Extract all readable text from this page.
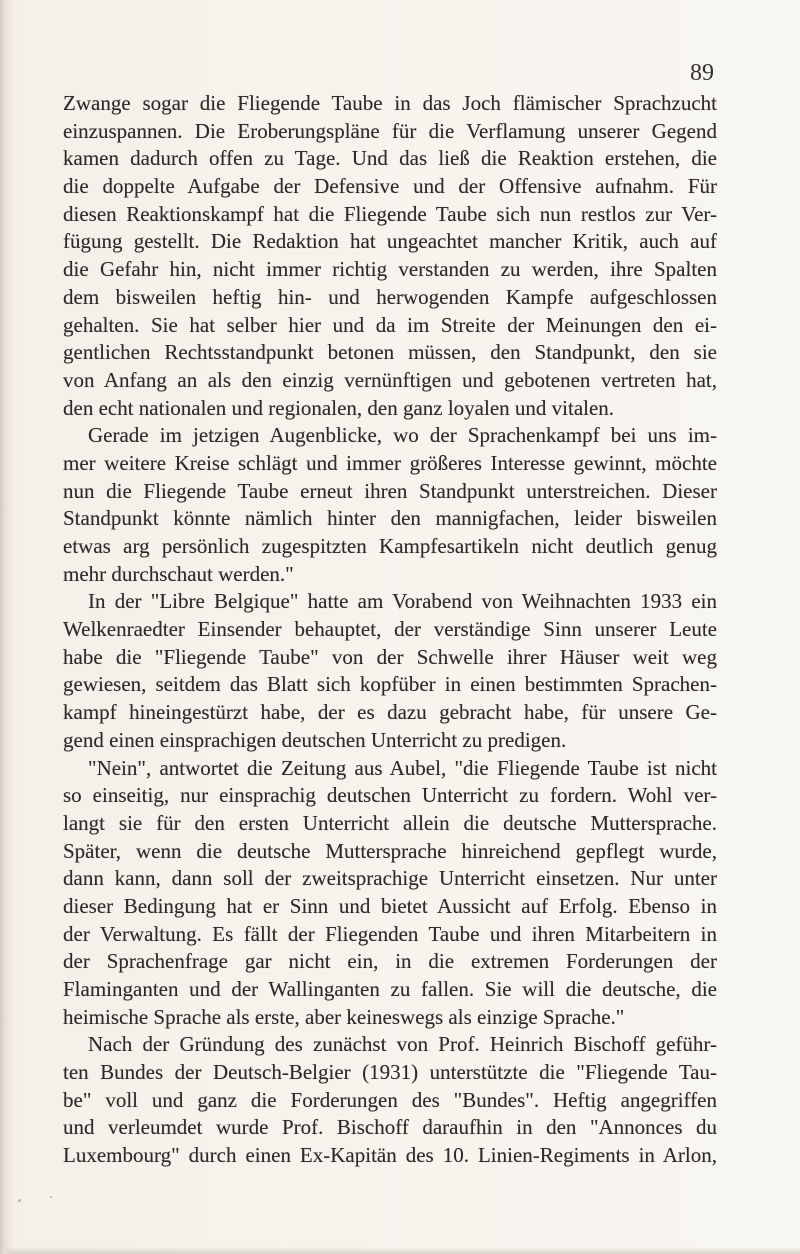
89
Zwange sogar die Fliegende Taube in das Joch flämischer Sprachzucht
einzuspannen. Die Eroberungspläne für die Verflamung unserer Gegend
kamen dadurch offen zu Tage. Und das ließ die Reaktion erstehen, die
die doppelte Aufgabe der Defensive und der Offensive aufnahm. Für
diesen Reaktionskampf hat die Fliegende Taube sich nun restlos zur Ver-
fügung gestellt. Die Redaktion hat ungeachtet mancher Kritik, auch auf
die Gefahr hin, nicht immer richtig verstanden zu werden, ihre Spalten
dem bisweilen heftig hin- und herwogenden Kampfe aufgeschlossen
gehalten. Sie hat selber hier und da im Streite der Meinungen den ei-
gentlichen Rechtsstandpunkt betonen müssen, den Standpunkt, den sie
von Anfang an als den einzig vernünftigen und gebotenen vertreten hat,
den echt nationalen und regionalen, den ganz loyalen und vitalen.
Gerade im jetzigen Augenblicke, wo der Sprachenkampf bei uns im-
mer weitere Kreise schlägt und immer größeres Interesse gewinnt, möchte
nun die Fliegende Taube erneut ihren Standpunkt unterstreichen. Dieser
Standpunkt könnte nämlich hinter den mannigfachen, leider bisweilen
etwas arg persönlich zugespitzten Kampfesartikeln nicht deutlich genug
mehr durchschaut werden."
In der "Libre Belgique" hatte am Vorabend von Weihnachten 1933 ein
Welkenraedter Einsender behauptet, der verständige Sinn unserer Leute
habe die "Fliegende Taube" von der Schwelle ihrer Häuser weit weg
gewiesen, seitdem das Blatt sich kopfüber in einen bestimmten Sprachen-
kampf hineingestürzt habe, der es dazu gebracht habe, für unsere Ge-
gend einen einsprachigen deutschen Unterricht zu predigen.
"Nein", antwortet die Zeitung aus Aubel, "die Fliegende Taube ist nicht
so einseitig, nur einsprachig deutschen Unterricht zu fordern. Wohl ver-
langt sie für den ersten Unterricht allein die deutsche Muttersprache.
Später, wenn die deutsche Muttersprache hinreichend gepflegt wurde,
dann kann, dann soll der zweitsprachige Unterricht einsetzen. Nur unter
dieser Bedingung hat er Sinn und bietet Aussicht auf Erfolg. Ebenso in
der Verwaltung. Es fällt der Fliegenden Taube und ihren Mitarbeitern in
der Sprachenfrage gar nicht ein, in die extremen Forderungen der
Flaminganten und der Wallinganten zu fallen. Sie will die deutsche, die
heimische Sprache als erste, aber keineswegs als einzige Sprache."
Nach der Gründung des zunächst von Prof. Heinrich Bischoff geführ-
ten Bundes der Deutsch-Belgier (1931) unterstützte die "Fliegende Tau-
be" voll und ganz die Forderungen des "Bundes". Heftig angegriffen
und verleumdet wurde Prof. Bischoff daraufhin in den "Annonces du
Luxembourg" durch einen Ex-Kapitän des 10. Linien-Regiments in Arlon,
